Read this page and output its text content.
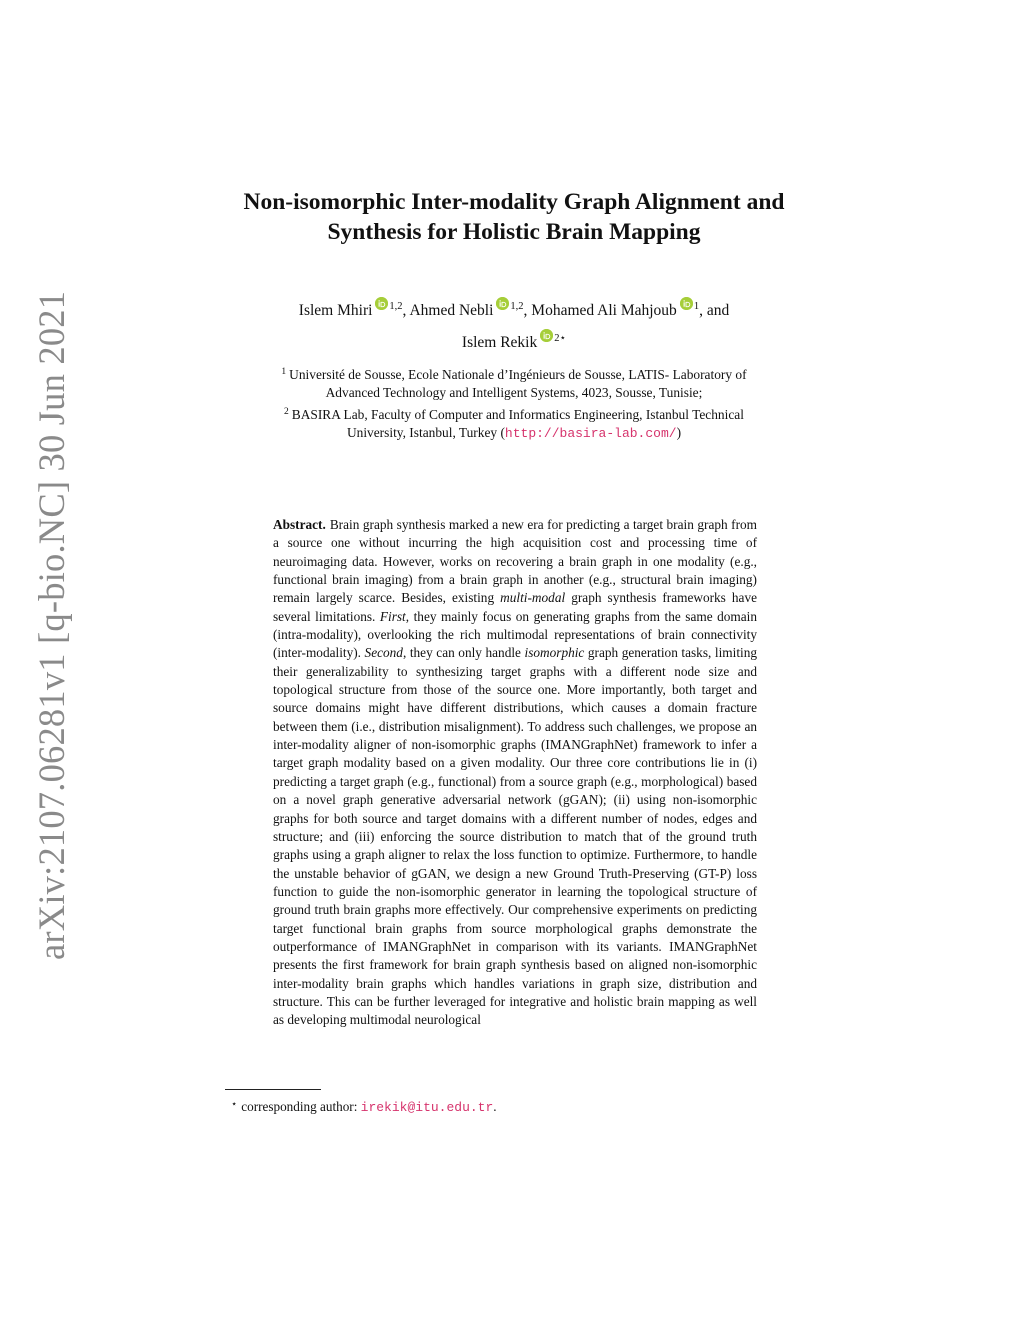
arXiv:2107.06281v1 [q-bio.NC] 30 Jun 2021
Non-isomorphic Inter-modality Graph Alignment and
Synthesis for Holistic Brain Mapping
Islem Mhiri $^{1,2}$, Ahmed Nebli $^{1,2}$, Mohamed Ali Mahjoub $^1$, and
Islem Rekik $^{2⋆}$
$^1$ Université de Sousse, Ecole Nationale d’Ingénieurs de Sousse, LATIS- Laboratory of
Advanced Technology and Intelligent Systems, 4023, Sousse, Tunisie;
$^2$ BASIRA Lab, Faculty of Computer and Informatics Engineering, Istanbul Technical
University, Istanbul, Turkey (http://basira-lab.com/)
Abstract. Brain graph synthesis marked a new era for predicting a target brain graph from a source one without incurring the high acquisition cost and processing time of neuroimaging data. However, works on recovering a brain graph in one modality (e.g., functional brain imaging) from a brain graph in another (e.g., structural brain imaging) remain largely scarce. Besides, existing multi-modal graph synthesis frameworks have several limitations. First, they mainly focus on generating graphs from the same domain (intra-modality), overlooking the rich multimodal representations of brain connectivity (inter-modality). Second, they can only handle isomorphic graph generation tasks, limiting their generalizability to synthesizing target graphs with a different node size and topological structure from those of the source one. More importantly, both target and source domains might have different distributions, which causes a domain fracture between them (i.e., distribution misalignment). To address such challenges, we propose an inter-modality aligner of non-isomorphic graphs (IMANGraphNet) framework to infer a target graph modality based on a given modality. Our three core contributions lie in (i) predicting a target graph (e.g., functional) from a source graph (e.g., morphological) based on a novel graph generative adversarial network (gGAN); (ii) using non-isomorphic graphs for both source and target domains with a different number of nodes, edges and structure; and (iii) enforcing the source distribution to match that of the ground truth graphs using a graph aligner to relax the loss function to optimize. Furthermore, to handle the unstable behavior of gGAN, we design a new Ground Truth-Preserving (GT-P) loss function to guide the non-isomorphic generator in learning the topological structure of ground truth brain graphs more effectively. Our comprehensive experiments on predicting target functional brain graphs from source morphological graphs demonstrate the outperformance of IMANGraphNet in comparison with its variants. IMANGraphNet presents the first framework for brain graph synthesis based on aligned non-isomorphic inter-modality brain graphs which handles variations in graph size, distribution and structure. This can be further leveraged for integrative and holistic brain mapping as well as developing multimodal neurological
⋆ corresponding author: irekik@itu.edu.tr.
